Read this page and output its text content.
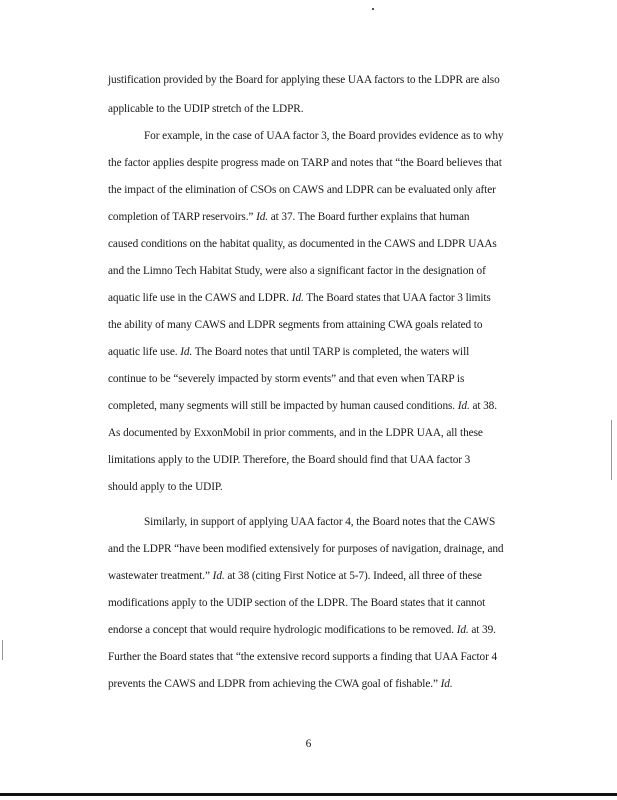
justification provided by the Board for applying these UAA factors to the LDPR are also
applicable to the UDIP stretch of the LDPR.
For example, in the case of UAA factor 3, the Board provides evidence as to why
the factor applies despite progress made on TARP and notes that “the Board believes that
the impact of the elimination of CSOs on CAWS and LDPR can be evaluated only after
completion of TARP reservoirs.” Id. at 37. The Board further explains that human
caused conditions on the habitat quality, as documented in the CAWS and LDPR UAAs
and the Limno Tech Habitat Study, were also a significant factor in the designation of
aquatic life use in the CAWS and LDPR. Id. The Board states that UAA factor 3 limits
the ability of many CAWS and LDPR segments from attaining CWA goals related to
aquatic life use. Id. The Board notes that until TARP is completed, the waters will
continue to be “severely impacted by storm events” and that even when TARP is
completed, many segments will still be impacted by human caused conditions. Id. at 38.
As documented by ExxonMobil in prior comments, and in the LDPR UAA, all these
limitations apply to the UDIP. Therefore, the Board should find that UAA factor 3
should apply to the UDIP.
Similarly, in support of applying UAA factor 4, the Board notes that the CAWS
and the LDPR “have been modified extensively for purposes of navigation, drainage, and
wastewater treatment.” Id. at 38 (citing First Notice at 5-7). Indeed, all three of these
modifications apply to the UDIP section of the LDPR. The Board states that it cannot
endorse a concept that would require hydrologic modifications to be removed. Id. at 39.
Further the Board states that “the extensive record supports a finding that UAA Factor 4
prevents the CAWS and LDPR from achieving the CWA goal of fishable.” Id.
6
